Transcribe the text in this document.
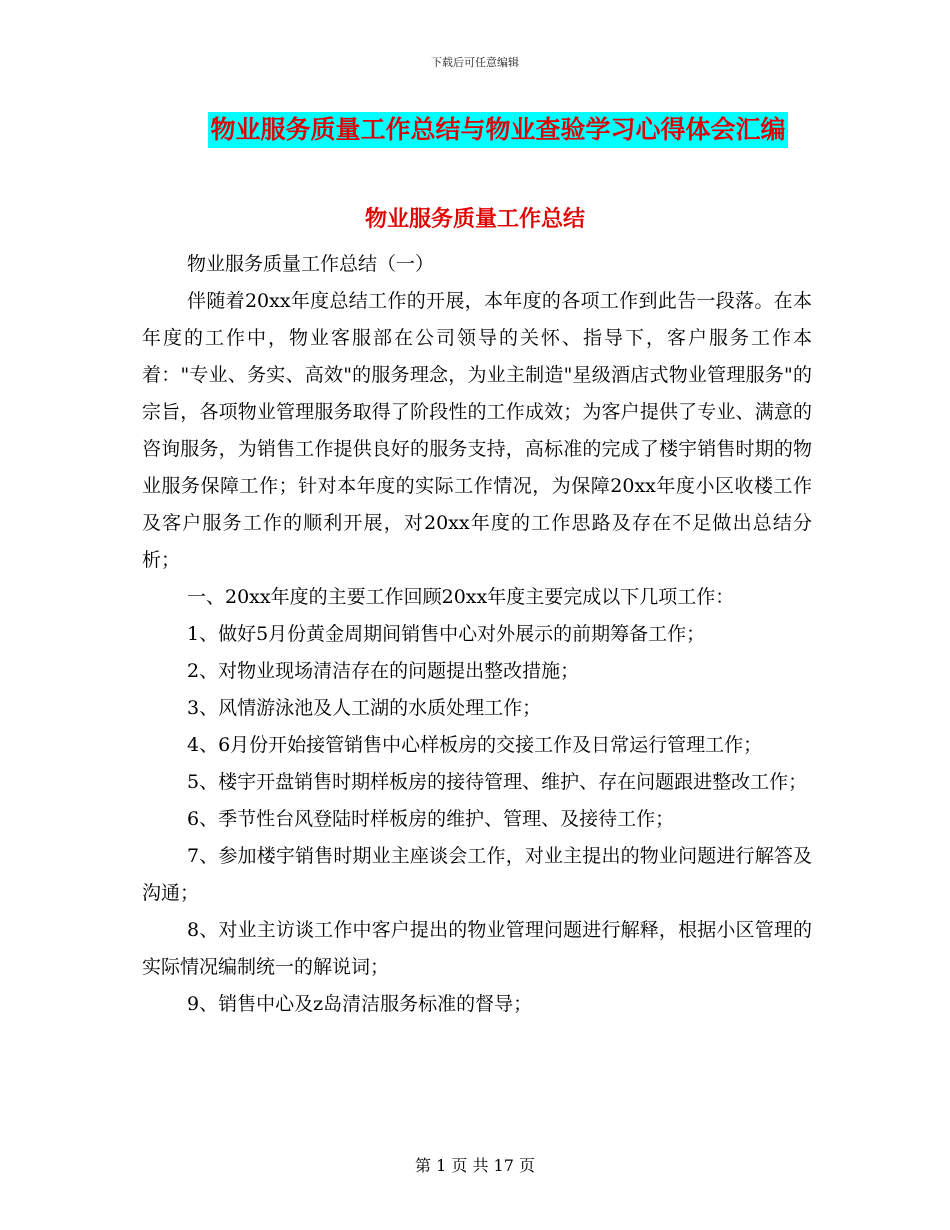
下载后可任意编辑
物业服务质量工作总结与物业查验学习心得体会汇编
物业服务质量工作总结

物业服务质量工作总结（一）

伴随着20xx年度总结工作的开展，本年度的各项工作到此告一段落。在本年度的工作中，物业客服部在公司领导的关怀、指导下，客户服务工作本着："专业、务实、高效"的服务理念，为业主制造"星级酒店式物业管理服务"的宗旨，各项物业管理服务取得了阶段性的工作成效；为客户提供了专业、满意的咨询服务，为销售工作提供良好的服务支持，高标准的完成了楼宇销售时期的物业服务保障工作；针对本年度的实际工作情况，为保障20xx年度小区收楼工作及客户服务工作的顺利开展，对20xx年度的工作思路及存在不足做出总结分析；

一、20xx年度的主要工作回顾20xx年度主要完成以下几项工作：

1、做好5月份黄金周期间销售中心对外展示的前期筹备工作；

2、对物业现场清洁存在的问题提出整改措施；

3、风情游泳池及人工湖的水质处理工作；

4、6月份开始接管销售中心样板房的交接工作及日常运行管理工作；

5、楼宇开盘销售时期样板房的接待管理、维护、存在问题跟进整改工作；

6、季节性台风登陆时样板房的维护、管理、及接待工作；

7、参加楼宇销售时期业主座谈会工作，对业主提出的物业问题进行解答及沟通；

8、对业主访谈工作中客户提出的物业管理问题进行解释，根据小区管理的实际情况编制统一的解说词；

9、销售中心及z岛清洁服务标准的督导；

第 1 页 共 17 页
